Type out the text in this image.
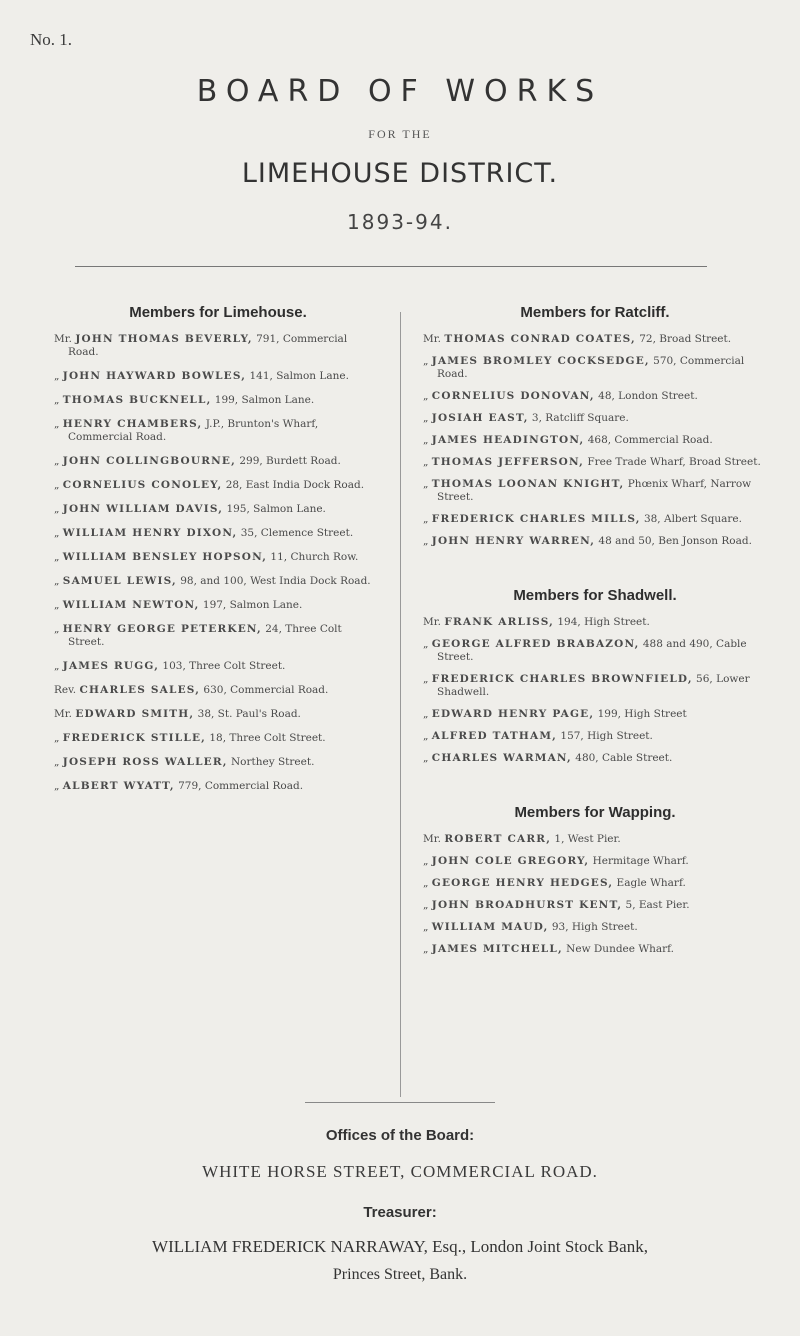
No. 1.
BOARD OF WORKS
FOR THE
LIMEHOUSE DISTRICT.
1893-94.
Members for Limehouse.
Mr. JOHN THOMAS BEVERLY, 791, Commercial Road.
„ JOHN HAYWARD BOWLES, 141, Salmon Lane.
„ THOMAS BUCKNELL, 199, Salmon Lane.
„ HENRY CHAMBERS, J.P., Brunton's Wharf, Commercial Road.
„ JOHN COLLINGBOURNE, 299, Burdett Road.
„ CORNELIUS CONOLEY, 28, East India Dock Road.
„ JOHN WILLIAM DAVIS, 195, Salmon Lane.
„ WILLIAM HENRY DIXON, 35, Clemence Street.
„ WILLIAM BENSLEY HOPSON, 11, Church Row.
„ SAMUEL LEWIS, 98, and 100, West India Dock Road.
„ WILLIAM NEWTON, 197, Salmon Lane.
„ HENRY GEORGE PETERKEN, 24, Three Colt Street.
„ JAMES RUGG, 103, Three Colt Street.
Rev. CHARLES SALES, 630, Commercial Road.
Mr. EDWARD SMITH, 38, St. Paul's Road.
„ FREDERICK STILLE, 18, Three Colt Street.
„ JOSEPH ROSS WALLER, Northey Street.
„ ALBERT WYATT, 779, Commercial Road.
Members for Ratcliff.
Mr. THOMAS CONRAD COATES, 72, Broad Street.
„ JAMES BROMLEY COCKSEDGE, 570, Commercial Road.
„ CORNELIUS DONOVAN, 48, London Street.
„ JOSIAH EAST, 3, Ratcliff Square.
„ JAMES HEADINGTON, 468, Commercial Road.
„ THOMAS JEFFERSON, Free Trade Wharf, Broad Street.
„ THOMAS LOONAN KNIGHT, Phœnix Wharf, Narrow Street.
„ FREDERICK CHARLES MILLS, 38, Albert Square.
„ JOHN HENRY WARREN, 48 and 50, Ben Jonson Road.
Members for Shadwell.
Mr. FRANK ARLISS, 194, High Street.
„ GEORGE ALFRED BRABAZON, 488 and 490, Cable Street.
„ FREDERICK CHARLES BROWNFIELD, 56, Lower Shadwell.
„ EDWARD HENRY PAGE, 199, High Street
„ ALFRED TATHAM, 157, High Street.
„ CHARLES WARMAN, 480, Cable Street.
Members for Wapping.
Mr. ROBERT CARR, 1, West Pier.
„ JOHN COLE GREGORY, Hermitage Wharf.
„ GEORGE HENRY HEDGES, Eagle Wharf.
„ JOHN BROADHURST KENT, 5, East Pier.
„ WILLIAM MAUD, 93, High Street.
„ JAMES MITCHELL, New Dundee Wharf.
Offices of the Board:
WHITE HORSE STREET, COMMERCIAL ROAD.
Treasurer:
WILLIAM FREDERICK NARRAWAY, Esq., London Joint Stock Bank,
Princes Street, Bank.
